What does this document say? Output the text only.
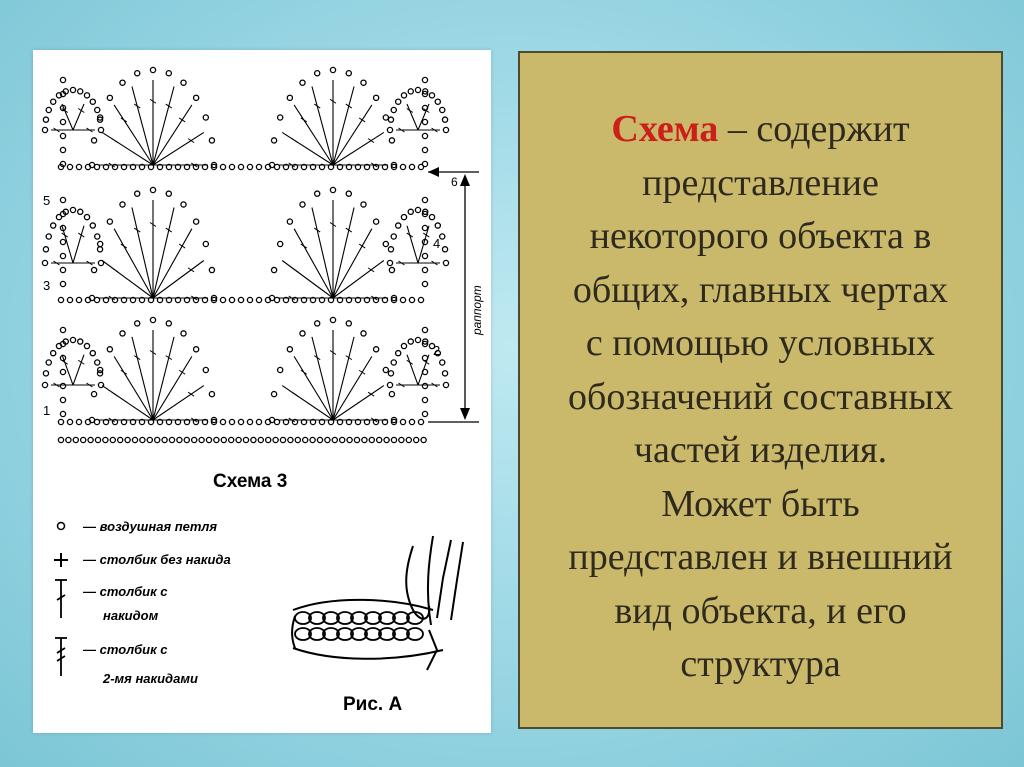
1
2
3
4
5
6
раппорт
Схема 3
— воздушная петля
— столбик без накида
— столбик с
накидом
— столбик с
2-мя накидами
Рис. А
Схема – содержит
представление
некоторого объекта в
общих, главных чертах
с помощью условных
обозначений составных
частей изделия.
Может быть
представлен и внешний
вид объекта, и его
структура
